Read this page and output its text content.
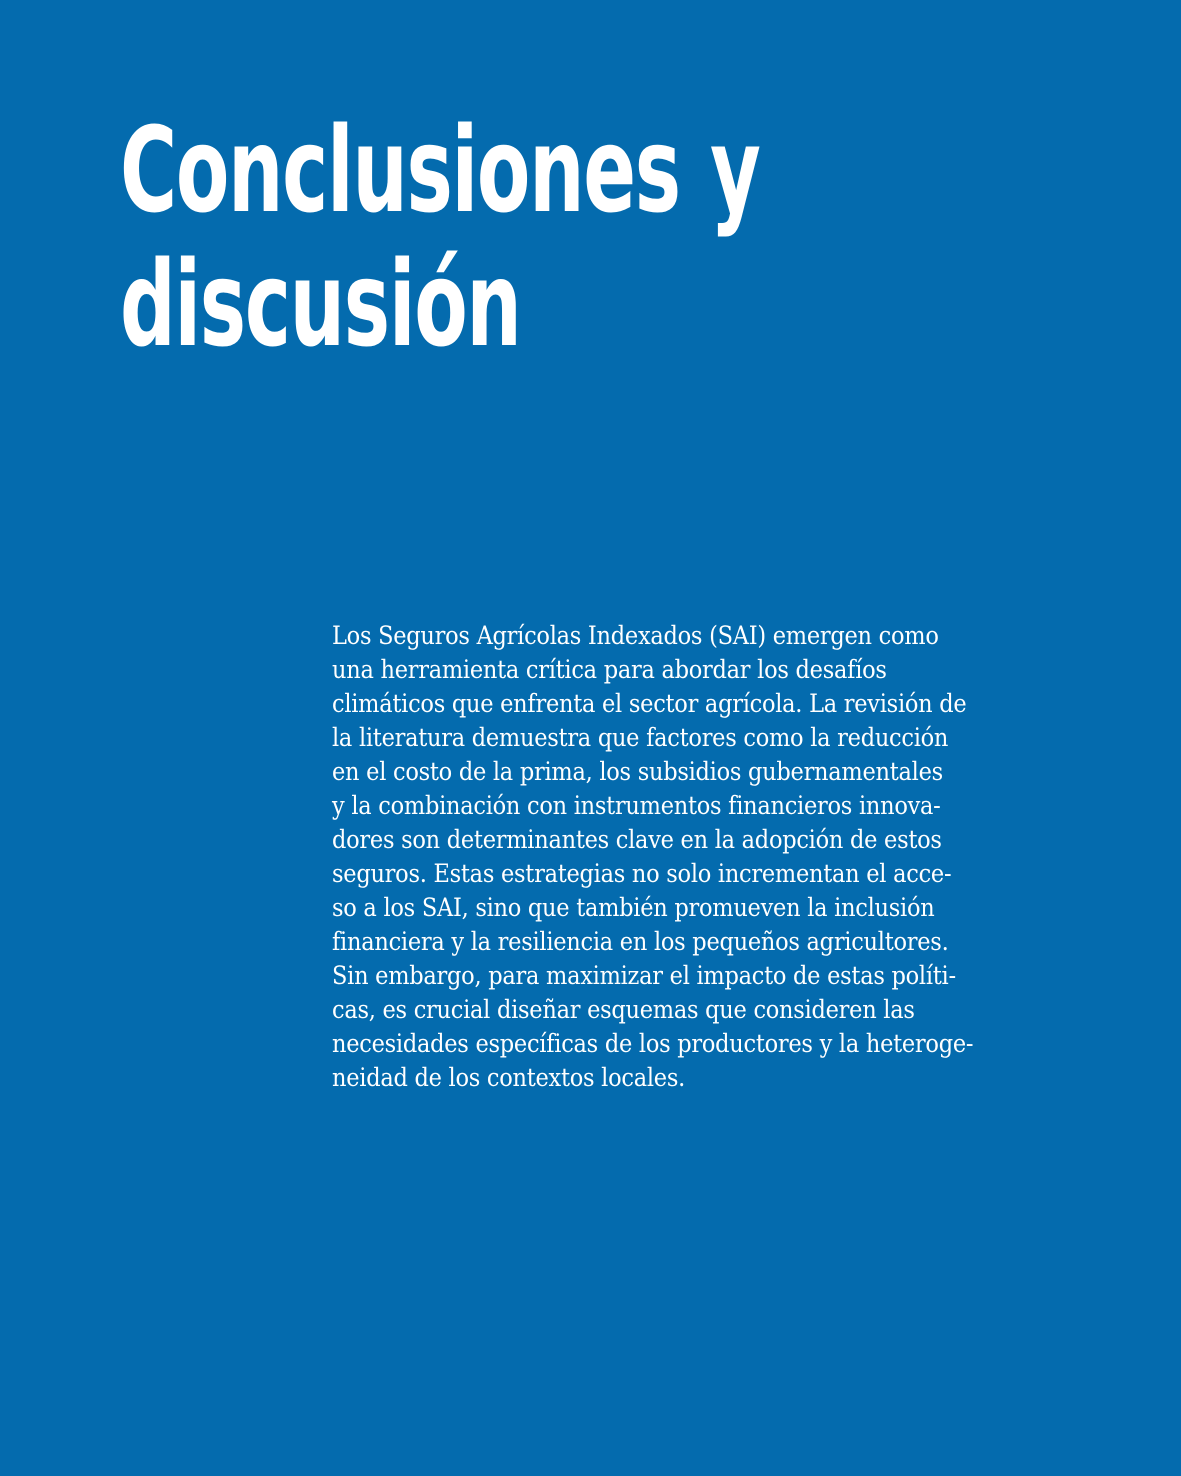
Conclusiones y
discusión

Los Seguros Agrícolas Indexados (SAI) emergen como
una herramienta crítica para abordar los desafíos
climáticos que enfrenta el sector agrícola. La revisión de
la literatura demuestra que factores como la reducción
en el costo de la prima, los subsidios gubernamentales
y la combinación con instrumentos financieros innova-
dores son determinantes clave en la adopción de estos
seguros. Estas estrategias no solo incrementan el acce-
so a los SAI, sino que también promueven la inclusión
financiera y la resiliencia en los pequeños agricultores.
Sin embargo, para maximizar el impacto de estas políti-
cas, es crucial diseñar esquemas que consideren las
necesidades específicas de los productores y la heteroge-
neidad de los contextos locales.
